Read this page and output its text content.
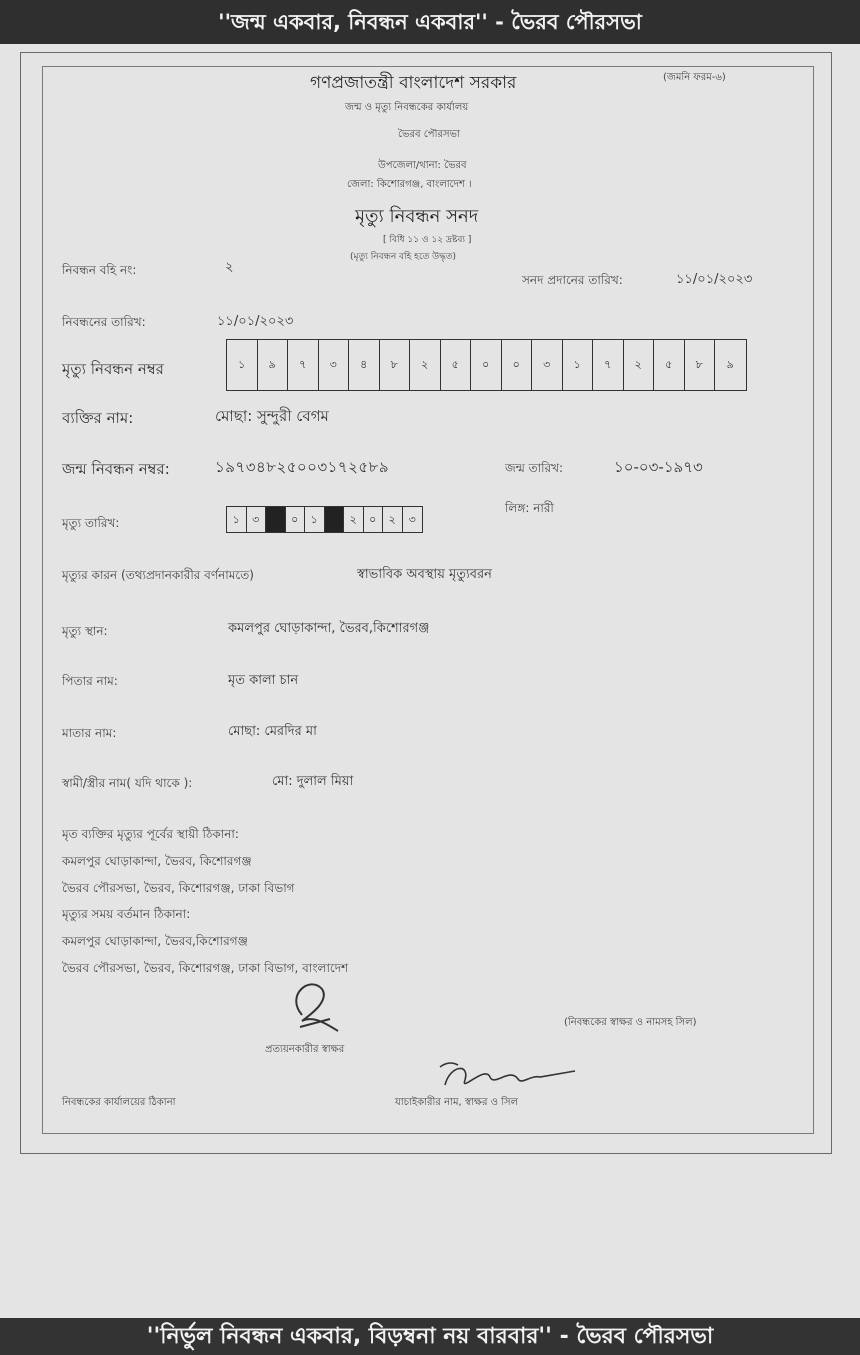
''জন্ম একবার, নিবন্ধন একবার'' - ভৈরব পৌরসভা
(জমনি ফরম-৬)
গণপ্রজাতন্ত্রী বাংলাদেশ সরকার
জন্ম ও মৃত্যু নিবন্ধকের কার্যালয়
ভৈরব পৌরসভা
উপজেলা/থানা: ভৈরব
জেলা: কিশোরগঞ্জ, বাংলাদেশ ।
মৃত্যু নিবন্ধন সনদ
[ বিধি ১১ ও ১২ দ্রষ্টব্য ]
(মৃত্যু নিবন্ধন বহি হতে উদ্ধৃত)
নিবন্ধন বহি নং:	২
সনদ প্রদানের তারিখ:	১১/০১/২০২৩
নিবন্ধনের তারিখ:	১১/০১/২০২৩
মৃত্যু নিবন্ধন নম্বর	১	৯	৭	৩	৪	৮	২	৫	০	০	৩	১	৭	২	৫	৮	৯
ব্যক্তির নাম:	মোছা: সুন্দুরী বেগম
জন্ম নিবন্ধন নম্বর:	১৯৭৩৪৮২৫০০৩১৭২৫৮৯	জন্ম তারিখ:	১০-০৩-১৯৭৩
লিঙ্গ: নারী
মৃত্যু তারিখ:	১	৩	০	১	২	০	২	৩
মৃত্যুর কারন (তথ্যপ্রদানকারীর বর্ণনামতে)	স্বাভাবিক অবস্থায় মৃত্যুবরন
মৃত্যু স্থান:	কমলপুর ঘোড়াকান্দা, ভৈরব,কিশোরগঞ্জ
পিতার নাম:	মৃত কালা চান
মাতার নাম:	মোছা: মেরদির মা
স্বামী/স্ত্রীর নাম( যদি থাকে ):	মো: দুলাল মিয়া
মৃত ব্যক্তির মৃত্যুর পূর্বের স্থায়ী ঠিকানা:
কমলপুর ঘোড়াকান্দা, ভৈরব, কিশোরগঞ্জ
ভৈরব পৌরসভা, ভৈরব, কিশোরগঞ্জ, ঢাকা বিভাগ
মৃত্যুর সময় বর্তমান ঠিকানা:
কমলপুর ঘোড়াকান্দা, ভৈরব,কিশোরগঞ্জ
ভৈরব পৌরসভা, ভৈরব, কিশোরগঞ্জ, ঢাকা বিভাগ, বাংলাদেশ
(নিবন্ধকের স্বাক্ষর ও নামসহ সিল)
প্রত্যয়নকারীর স্বাক্ষর
নিবন্ধকের কার্যালয়ের ঠিকানা	যাচাইকারীর নাম, স্বাক্ষর ও সিল
''নির্ভুল নিবন্ধন একবার, বিড়ম্বনা নয় বারবার'' - ভৈরব পৌরসভা
